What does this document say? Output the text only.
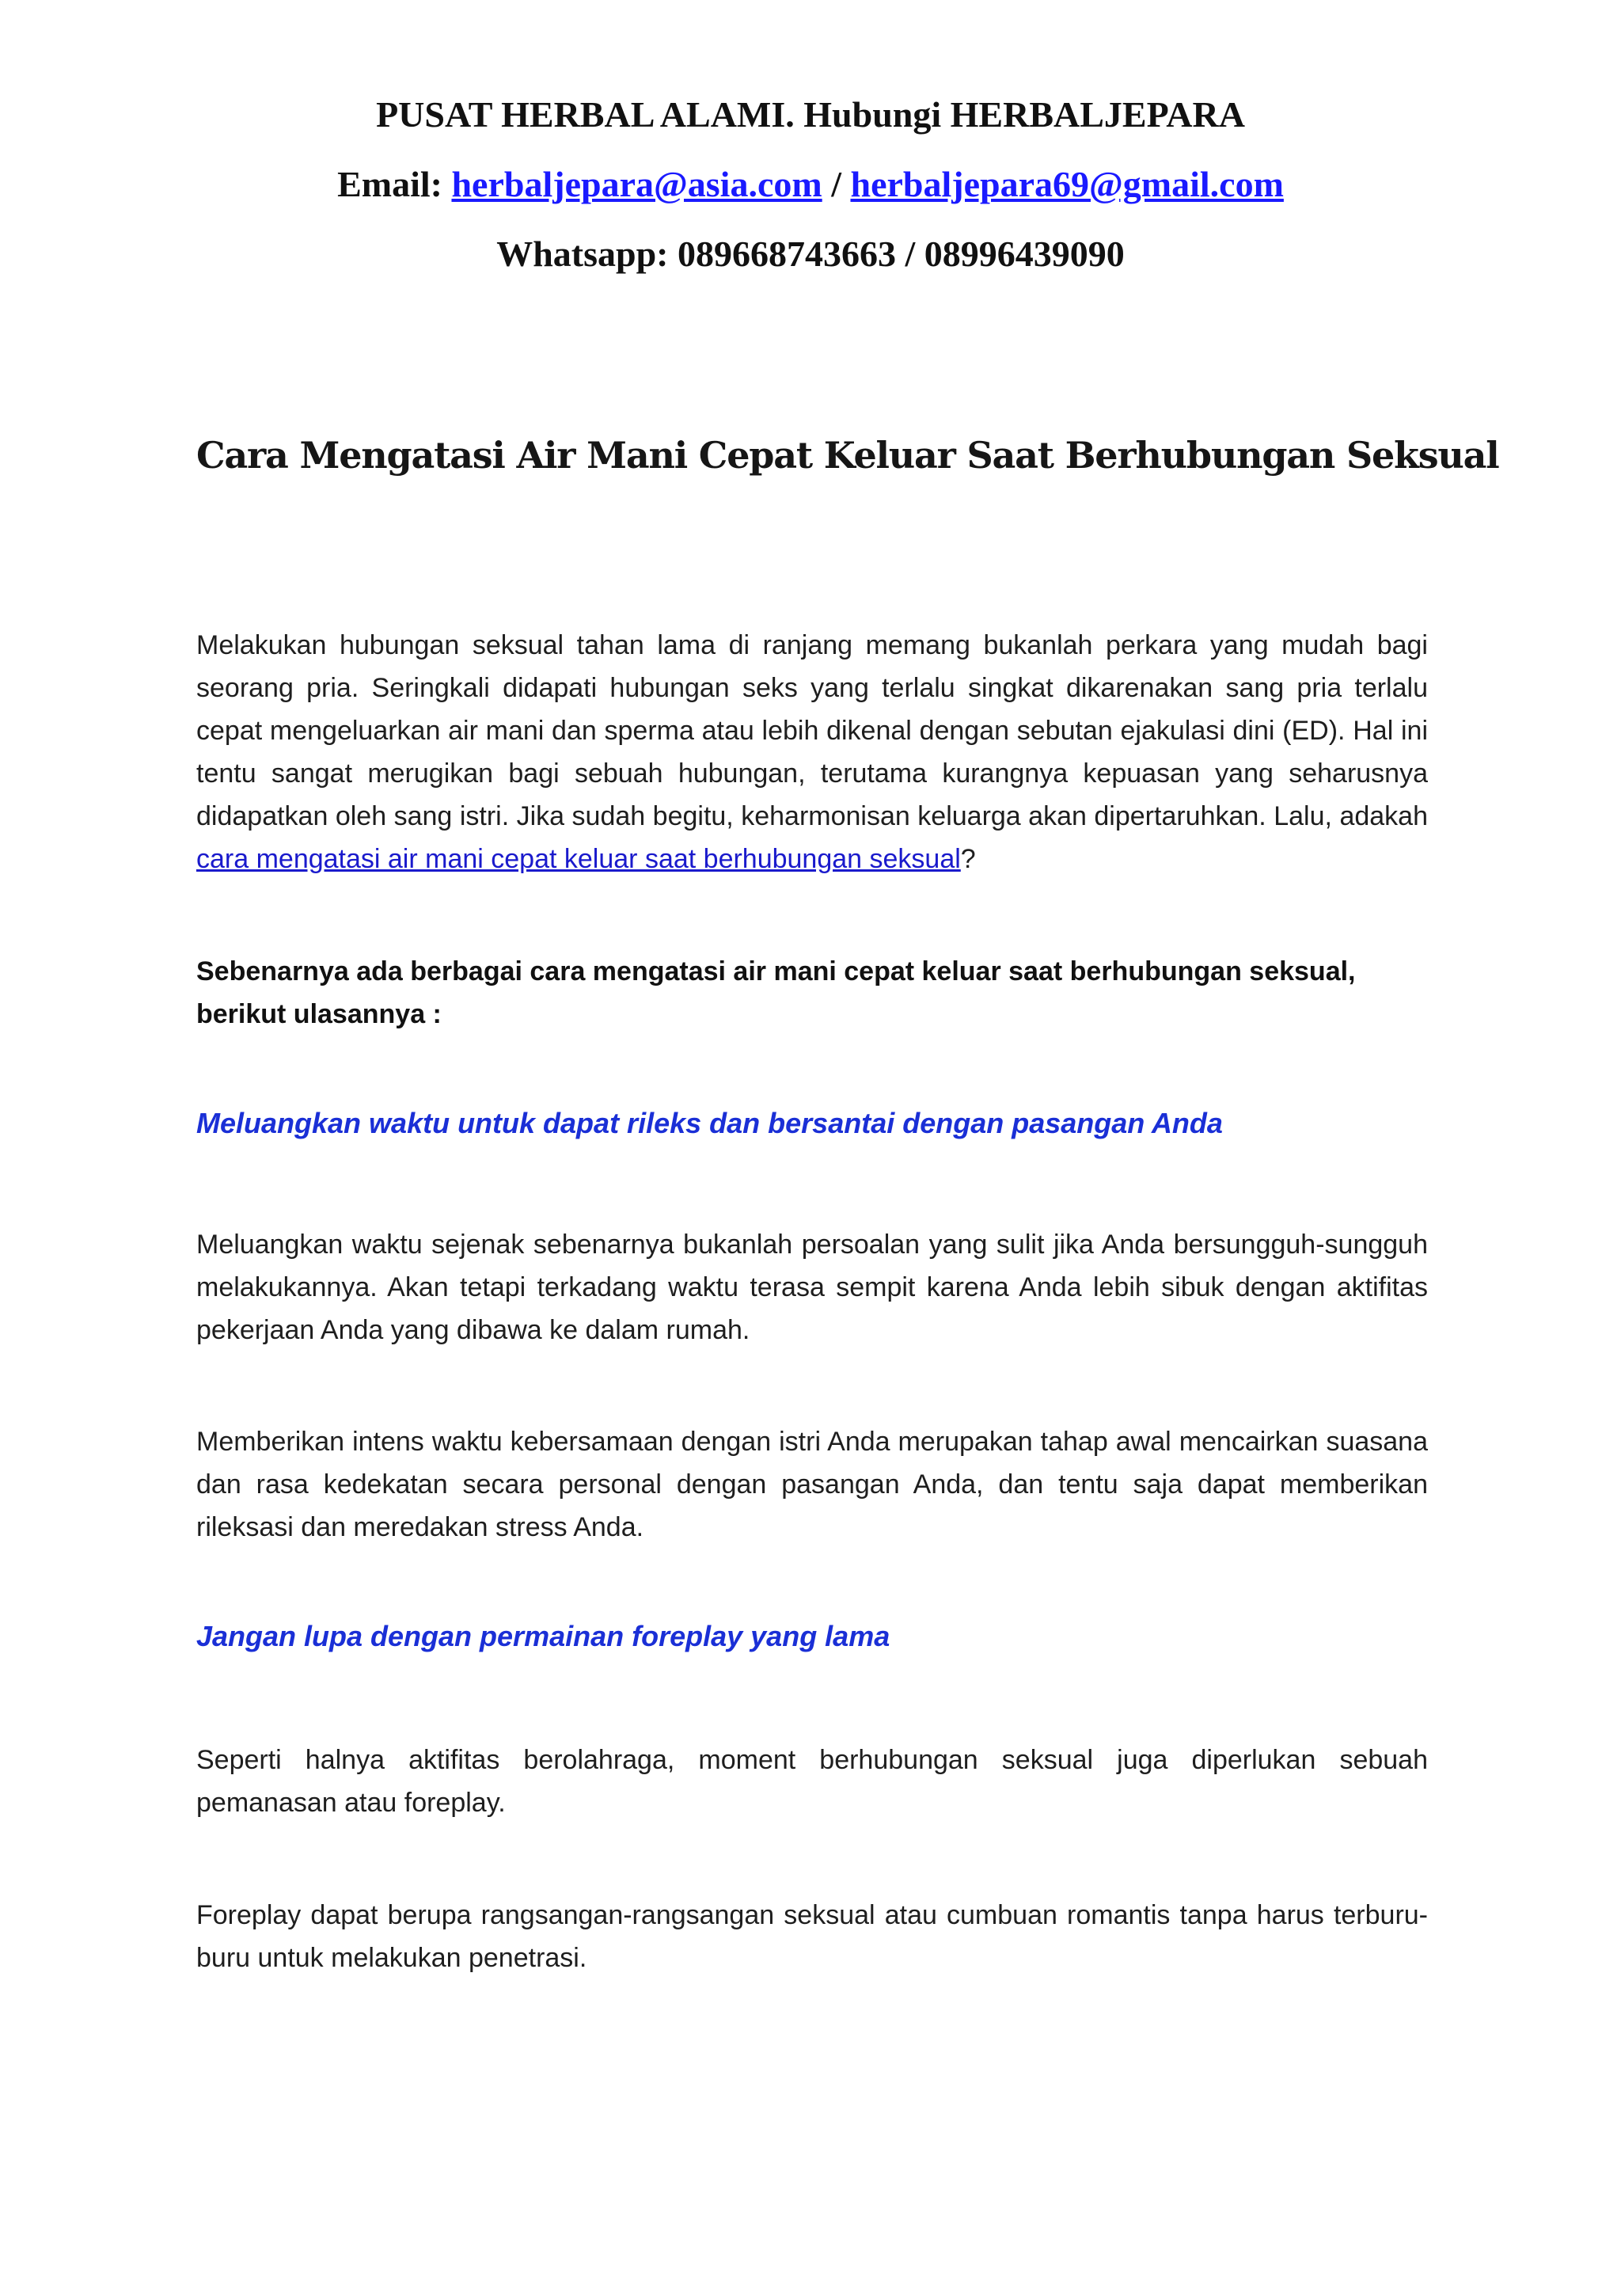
PUSAT HERBAL ALAMI. Hubungi HERBALJEPARA
Email: herbaljepara@asia.com / herbaljepara69@gmail.com
Whatsapp: 089668743663 / 08996439090
Cara Mengatasi Air Mani Cepat Keluar Saat Berhubungan Seksual
Melakukan hubungan seksual tahan lama di ranjang memang bukanlah perkara yang mudah bagi seorang pria. Seringkali didapati hubungan seks yang terlalu singkat dikarenakan sang pria terlalu cepat mengeluarkan air mani dan sperma atau lebih dikenal dengan sebutan ejakulasi dini (ED). Hal ini tentu sangat merugikan bagi sebuah hubungan, terutama kurangnya kepuasan yang seharusnya didapatkan oleh sang istri. Jika sudah begitu, keharmonisan keluarga akan dipertaruhkan. Lalu, adakah cara mengatasi air mani cepat keluar saat berhubungan seksual?
Sebenarnya ada berbagai cara mengatasi air mani cepat keluar saat berhubungan seksual, berikut ulasannya :
Meluangkan waktu untuk dapat rileks dan bersantai dengan pasangan Anda
Meluangkan waktu sejenak sebenarnya bukanlah persoalan yang sulit jika Anda bersungguh-sungguh melakukannya. Akan tetapi terkadang waktu terasa sempit karena Anda lebih sibuk dengan aktifitas pekerjaan Anda yang dibawa ke dalam rumah.
Memberikan intens waktu kebersamaan dengan istri Anda merupakan tahap awal mencairkan suasana dan rasa kedekatan secara personal dengan pasangan Anda, dan tentu saja dapat memberikan rileksasi dan meredakan stress Anda.
Jangan lupa dengan permainan foreplay yang lama
Seperti halnya aktifitas berolahraga, moment berhubungan seksual juga diperlukan sebuah pemanasan atau foreplay.
Foreplay dapat berupa rangsangan-rangsangan seksual atau cumbuan romantis tanpa harus terburu-buru untuk melakukan penetrasi.
